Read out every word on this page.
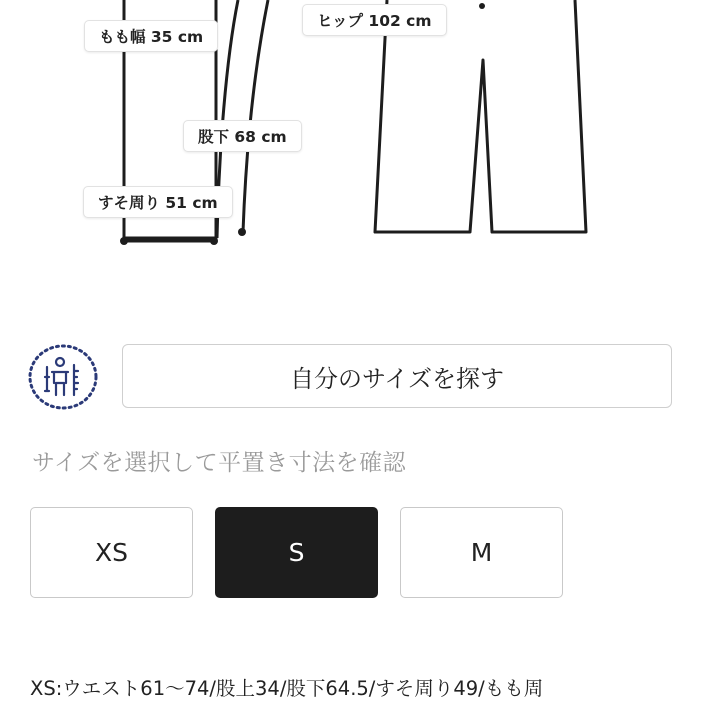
もも幅 35 cm
ヒップ 102 cm
股下 68 cm
すそ周り 51 cm
自分のサイズを探す
サイズを選択して平置き寸法を確認
XS	S	M
XS:ウエスト61〜74/股上34/股下64.5/すそ周り49/もも周
